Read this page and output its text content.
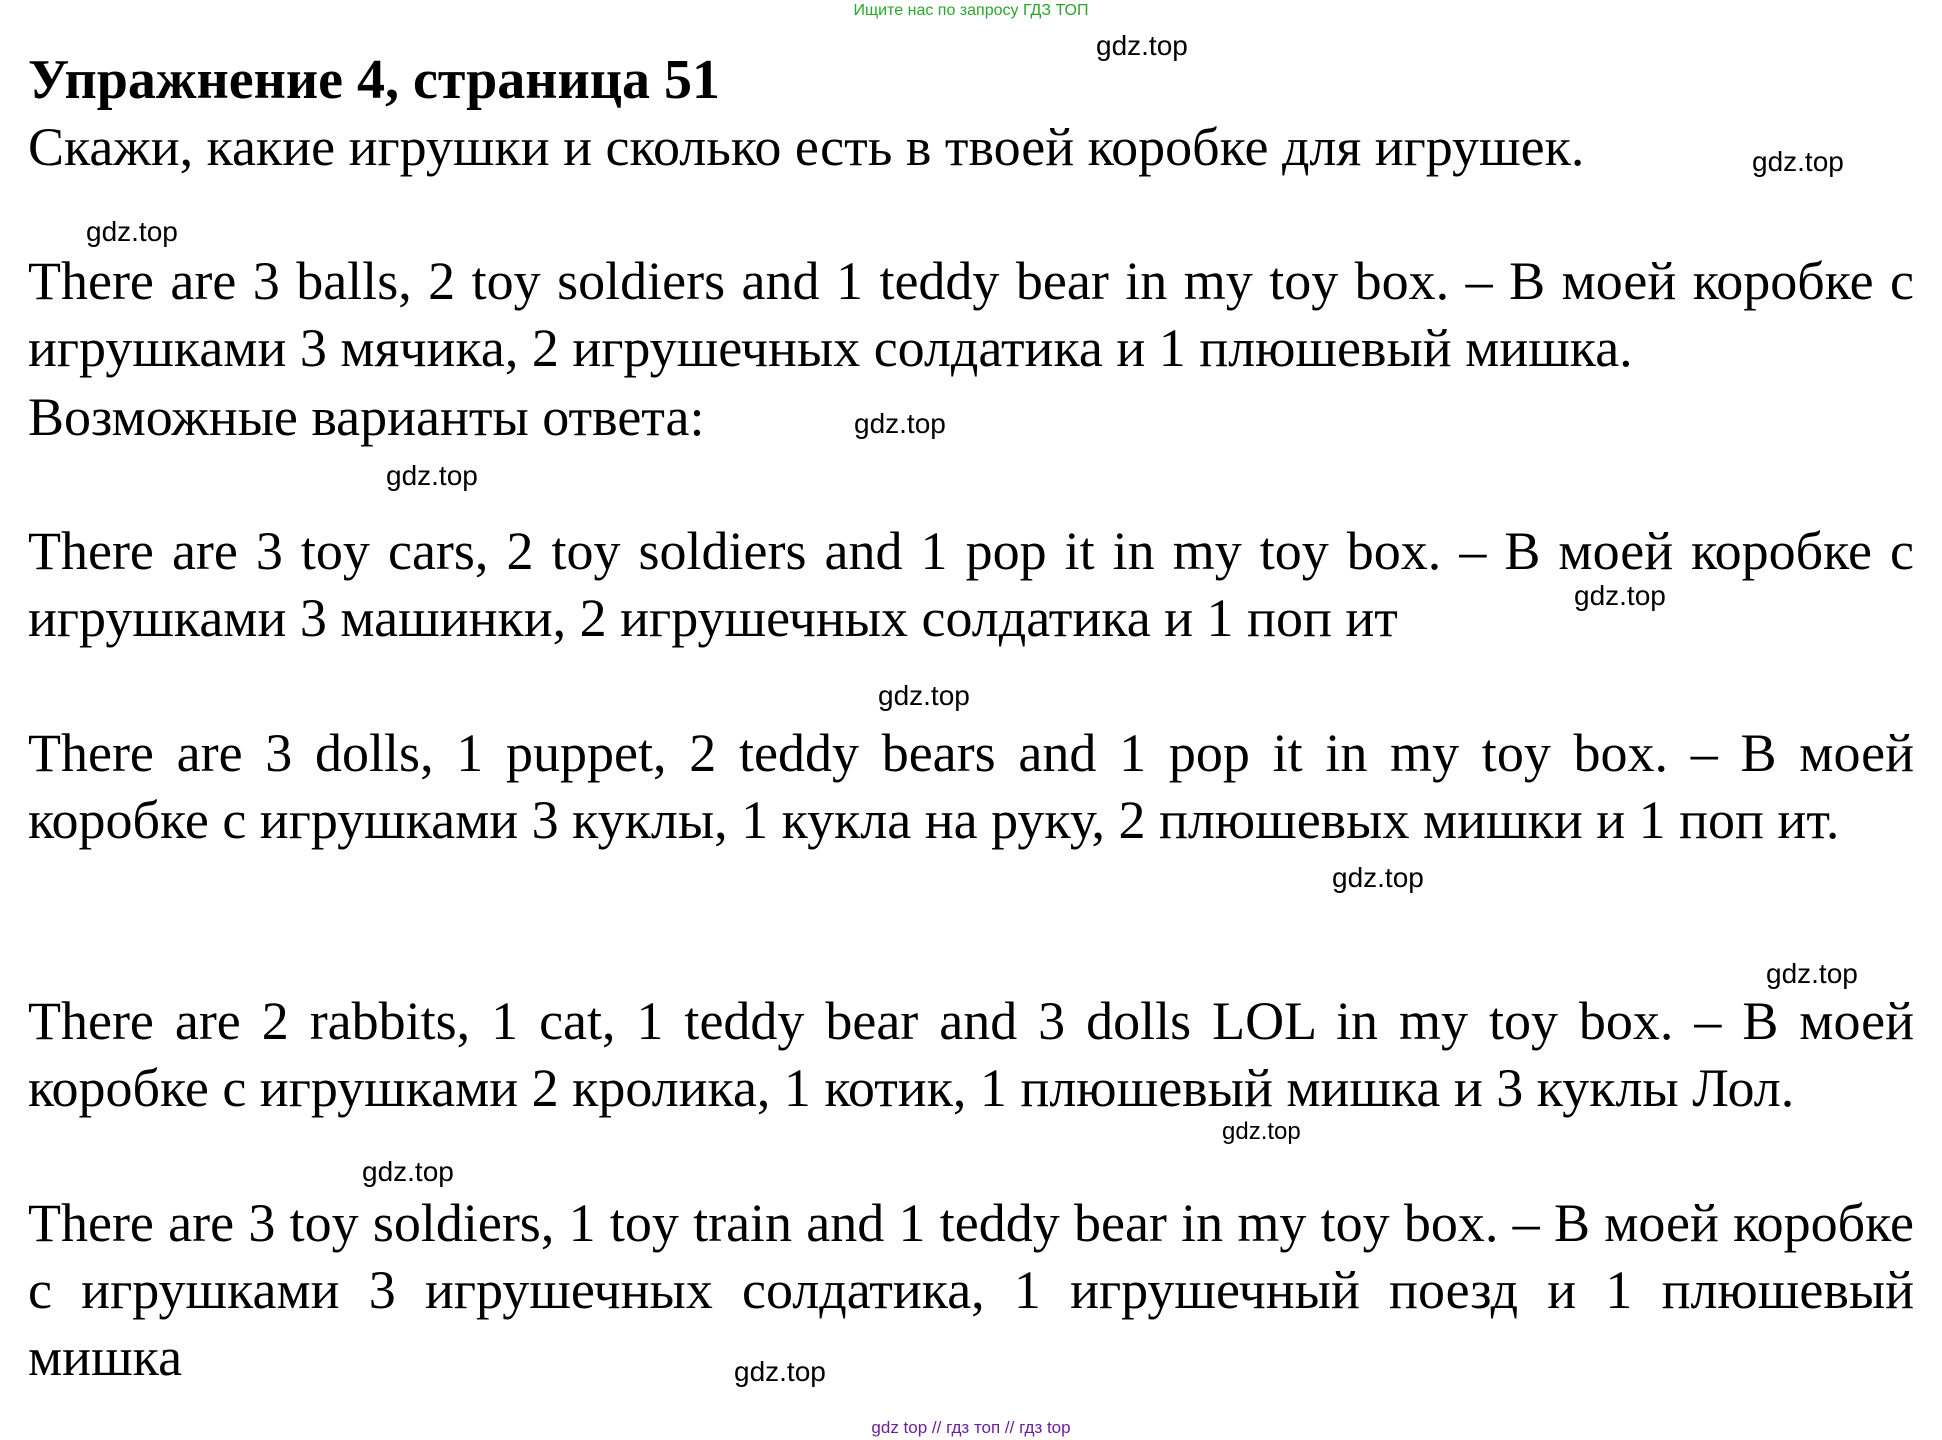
Ищите нас по запросу ГДЗ ТОП
Упражнение 4, страница 51

Скажи, какие игрушки и сколько есть в твоей коробке для игрушек.

There are 3 balls, 2 toy soldiers and 1 teddy bear in my toy box. – В моей коробке с игрушками 3 мячика, 2 игрушечных солдатика и 1 плюшевый мишка.

Возможные варианты ответа:

There are 3 toy cars, 2 toy soldiers and 1 pop it in my toy box. – В моей коробке с игрушками 3 машинки, 2 игрушечных солдатика и 1 поп ит

There are 3 dolls, 1 puppet, 2 teddy bears and 1 pop it in my toy box. – В моей коробке с игрушками 3 куклы, 1 кукла на руку, 2 плюшевых мишки и 1 поп ит.

There are 2 rabbits, 1 cat, 1 teddy bear and 3 dolls LOL in my toy box. – В моей коробке с игрушками 2 кролика, 1 котик, 1 плюшевый мишка и 3 куклы Лол.

There are 3 toy soldiers, 1 toy train and 1 teddy bear in my toy box. – В моей коробке с игрушками 3 игрушечных солдатика, 1 игрушечный поезд и 1 плюшевый мишка

gdz.top
gdz.top
gdz.top
gdz.top
gdz.top
gdz.top
gdz.top
gdz.top
gdz.top
gdz.top
gdz.top
gdz.top
gdz top // гдз топ // гдз top
